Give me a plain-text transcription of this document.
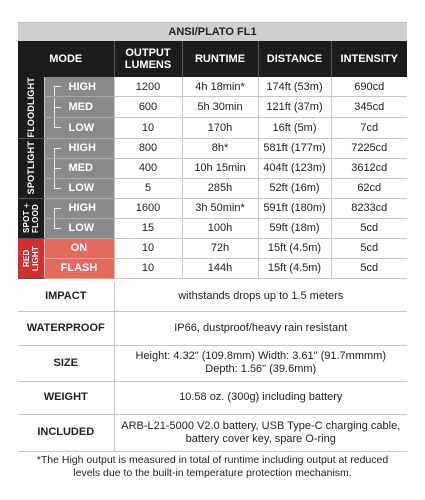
ANSI/PLATO FL1
MODE		OUTPUT LUMENS	RUNTIME	DISTANCE	INTENSITY

FLOODLIGHT	HIGH	1200	4h 18min*	174ft (53m)	690cd

	MED	600	5h 30min	121ft (37m)	345cd

	LOW	10	170h	16ft (5m)	7cd

SPOTLIGHT	HIGH	800	8h*	581ft (177m)	7225cd

	MED	400	10h 15min	404ft (123m)	3612cd

	LOW	5	285h	52ft (16m)	62cd

SPOT + FLOOD	HIGH	1600	3h 50min*	591ft (180m)	8233cd

	LOW	15	100h	59ft (18m)	5cd

RED LIGHT	ON	10	72h	15ft (4.5m)	5cd

	FLASH	10	144h	15ft (4.5m)	5cd
IMPACT	withstands drops up to 1.5 meters
WATERPROOF	IP66, dustproof/heavy rain resistant
SIZE	Height: 4.32" (109.8mm) Width: 3.61" (91.7mmmm)
Depth: 1.56" (39.6mm)

WEIGHT	10.58 oz. (300g) including battery
INCLUDED	ARB-L21-5000 V2.0 battery, USB Type-C charging cable,
battery cover key, spare O-ring
*The High output is measured in total of runtime including output at reduced
levels due to the built-in temperature protection mechanism.
